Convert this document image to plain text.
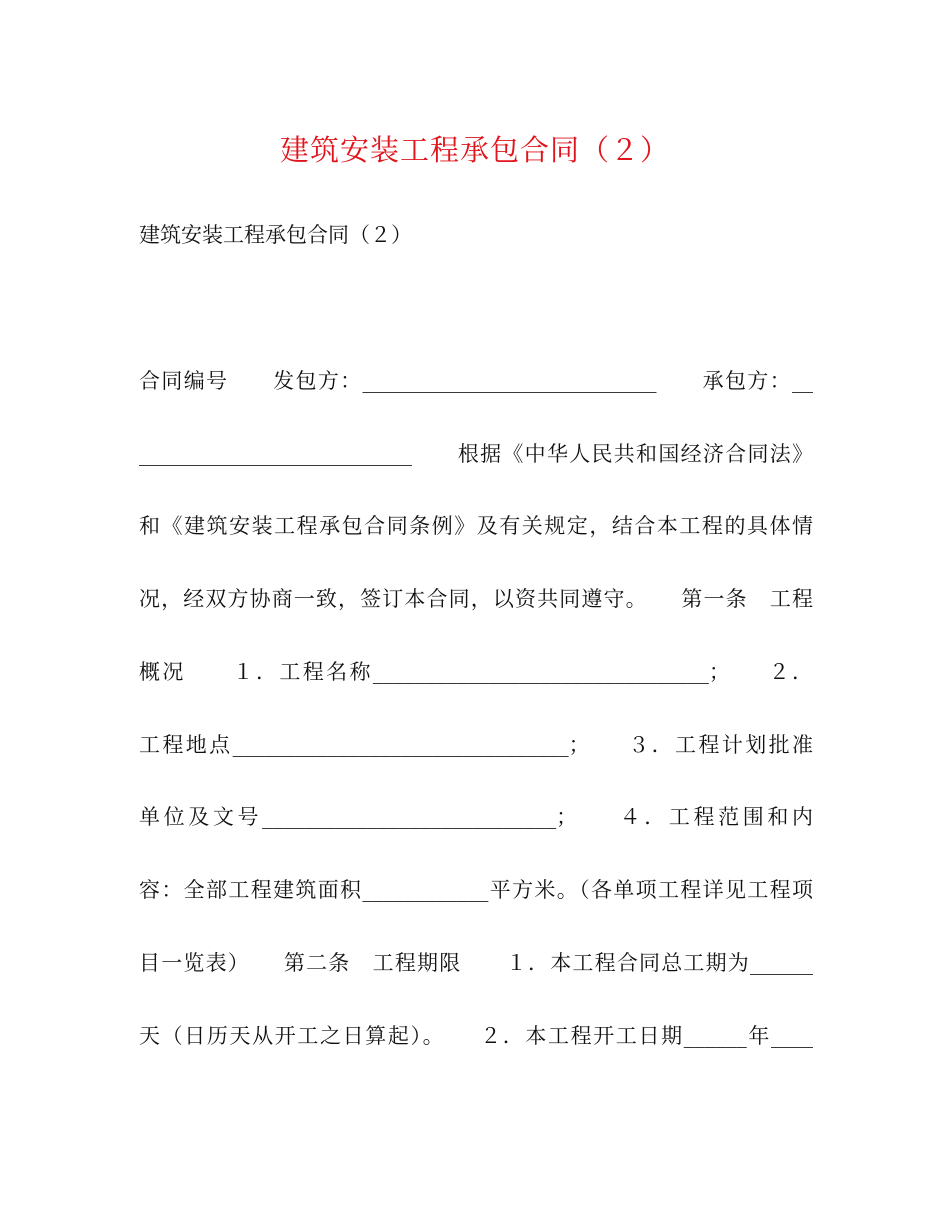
建筑安装工程承包合同（２）
建筑安装工程承包合同（２）
合同编号　　发包方：____________________________　　承包方：__
__________________________　　根据《中华人民共和国经济合同法》
和《建筑安装工程承包合同条例》及有关规定，结合本工程的具体情
况，经双方协商一致，签订本合同，以资共同遵守。　　第一条　工程
概况　　１．工程名称________________________________；　　２．
工程地点________________________________；　　３．工程计划批准
单位及文号____________________________；　　４．工程范围和内
容：全部工程建筑面积____________平方米。（各单项工程详见工程项
目一览表）　　第二条　工程期限　　１．本工程合同总工期为______
天（日历天从开工之日算起）。　　２．本工程开工日期______年____
